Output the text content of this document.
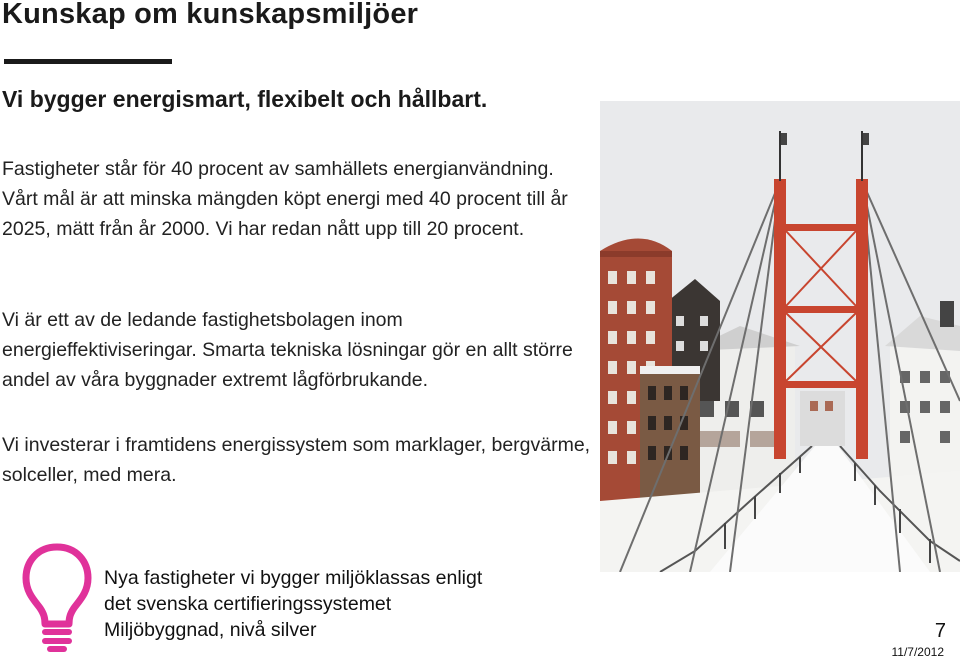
Kunskap om kunskapsmiljöer
Vi bygger energismart, flexibelt och hållbart.
Fastigheter står för 40 procent av samhällets energianvändning. Vårt mål är att minska mängden köpt energi med 40 procent till år 2025, mätt från år 2000. Vi har redan nått upp till 20 procent.
Vi är ett av de ledande fastighetsbolagen inom energieffektiviseringar. Smarta tekniska lösningar gör en allt större andel av våra byggnader extremt lågförbrukande.
Vi investerar i framtidens energissystem som marklager, bergvärme, solceller, med mera.
Nya fastigheter vi bygger miljöklassas enligt
det svenska certifieringssystemet
Miljöbyggnad, nivå silver	7
11/7/2012
